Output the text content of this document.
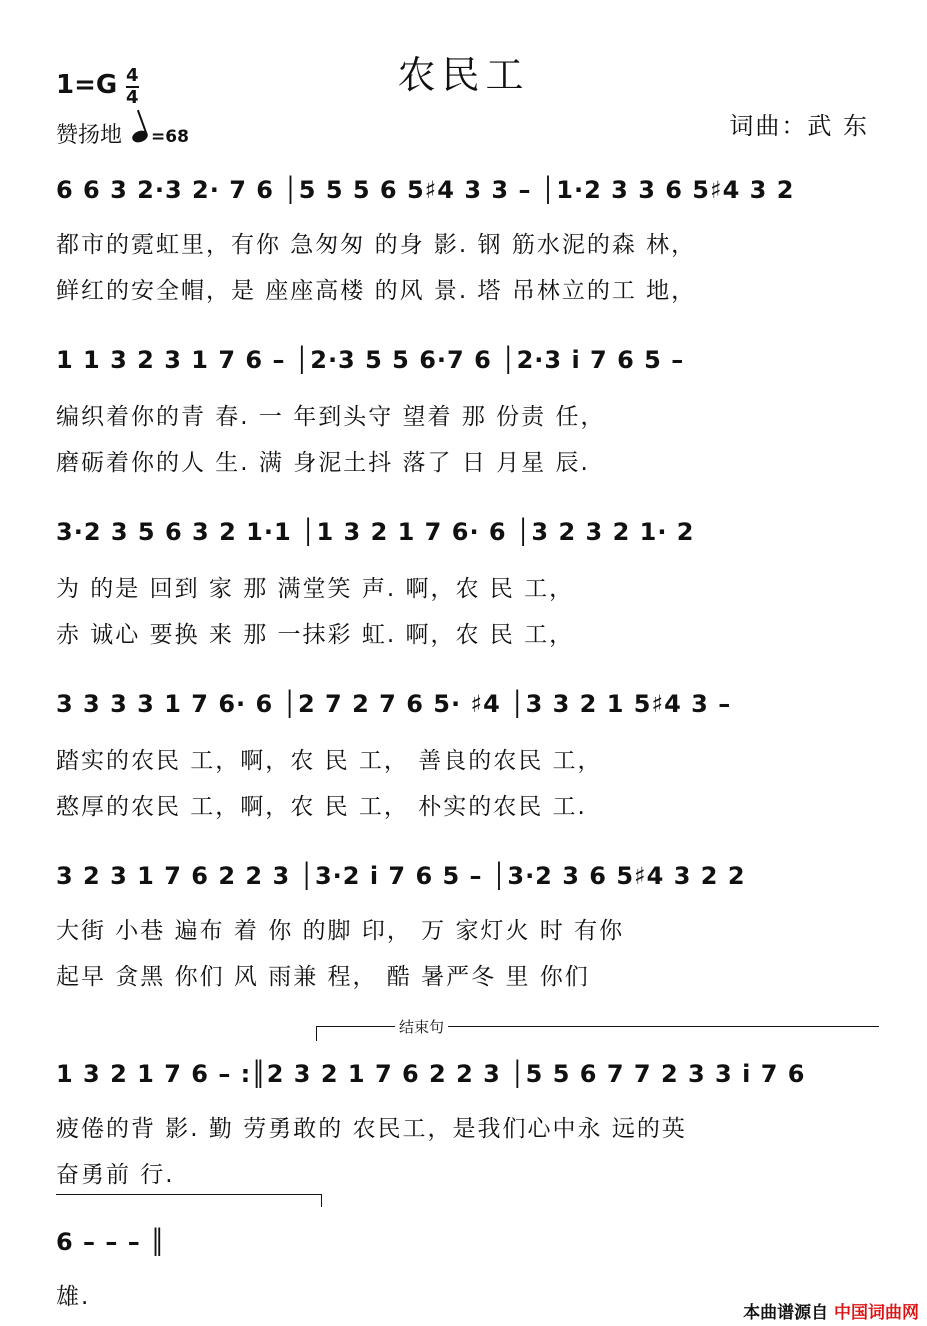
农民工
1=G 4
4
赞扬地 =68	词曲：武 东
6 6 3 2·3 2· 7 6 │5 5 5 6 5♯4 3 3 – │1·2 3 3 6 5♯4 3 2
都市的霓虹里，有你 急匆匆 的身 影. 钢 筋水泥的森 林，
鲜红的安全帽，是 座座高楼 的风 景. 塔 吊林立的工 地，
1 1 3 2 3 1 7 6 – │2·3 5 5 6·7 6 │2·3 i 7 6 5 –
编织着你的青 春. 一 年到头守 望着 那 份责 任，
磨砺着你的人 生. 满 身泥土抖 落了 日 月星 辰.
3·2 3 5 6 3 2 1·1 │1 3 2 1 7 6· 6 │3 2 3 2 1· 2
为 的是 回到 家 那 满堂笑 声. 啊，农 民 工，
赤 诚心 要换 来 那 一抹彩 虹. 啊，农 民 工，
3 3 3 3 1 7 6· 6 │2 7 2 7 6 5· ♯4 │3 3 2 1 5♯4 3 –
踏实的农民 工，啊，农 民 工， 善良的农民 工，
憨厚的农民 工，啊，农 民 工， 朴实的农民 工.
3 2 3 1 7 6 2 2 3 │3·2 i 7 6 5 – │3·2 3 6 5♯4 3 2 2
大街 小巷 遍布 着 你 的脚 印， 万 家灯火 时 有你
起早 贪黑 你们 风 雨兼 程， 酷 暑严冬 里 你们
结束句
1 3 2 1 7 6 – :║2 3 2 1 7 6 2 2 3 │5 5 6 7 7 2 3 3 i 7 6
疲倦的背 影. 勤 劳勇敢的 农民工，是我们心中永 远的英
奋勇前 行.
6 – – – ║
雄.
本曲谱源自 中国词曲网
